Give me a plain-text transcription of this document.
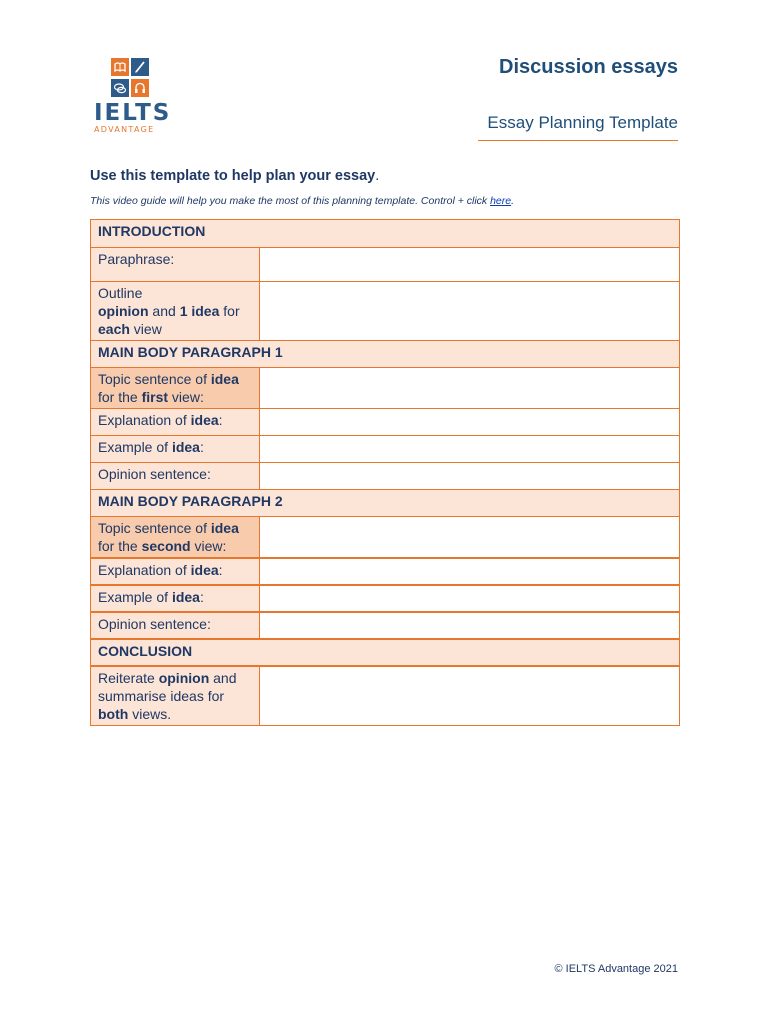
IELTS
ADVANTAGE
Discussion essays
Essay Planning Template
Use this template to help plan your essay.
This video guide will help you make the most of this planning template. Control + click here.
INTRODUCTION	
Paraphrase:	
Outline
opinion and 1 idea for
each view	
MAIN BODY PARAGRAPH 1	
Topic sentence of idea
for the first view:	
Explanation of idea:	
Example of idea:	
Opinion sentence:	
MAIN BODY PARAGRAPH 2	
Topic sentence of idea
for the second view:	
Explanation of idea:	
Example of idea:	
Opinion sentence:	
CONCLUSION	
Reiterate opinion and
summarise ideas for
both views.	
© IELTS Advantage 2021
